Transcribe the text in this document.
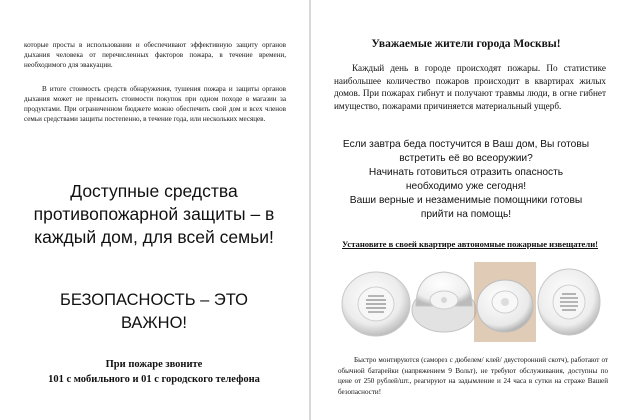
которые просты в использовании и обеспечивают эффективную защиту органов дыхания человека от перечисленных факторов пожара, в течение времени, необходимого для эвакуации.

В итоге стоимость средств обнаружения, тушения пожара и защиты органов дыхания может не превысить стоимости покупок при одном походе в магазин за продуктами. При ограниченном бюджете можно обеспечить свой дом и всех членов семьи средствами защиты постепенно, в течение года, или нескольких месяцев.

Доступные средства противопожарной защиты – в каждый дом, для всей семьи!
БЕЗОПАСНОСТЬ – ЭТО
ВАЖНО!
При пожаре звоните
101 с мобильного и 01 с городского телефона
Уважаемые жители города Москвы!

Каждый день в городе происходят пожары. По статистике наибольшее количество пожаров происходит в квартирах жилых домов. При пожарах гибнут и получают травмы люди, в огне гибнет имущество, пожарами причиняется материальный ущерб.

Если завтра беда постучится в Ваш дом, Вы готовы
встретить её во всеоружии?
Начинать готовиться отразить опасность
необходимо уже сегодня!
Ваши верные и незаменимые помощники готовы
прийти на помощь!

Установите в своей квартире автономные пожарные извещатели!

Быстро монтируются (саморез с дюбелем/ клей/ двусторонний скотч), работают от обычной батарейки (напряжением 9 Вольт), не требуют обслуживания, доступны по цене от 250 рублей/шт., реагируют на задымление и 24 часа в сутки на страже Вашей безопасности!
